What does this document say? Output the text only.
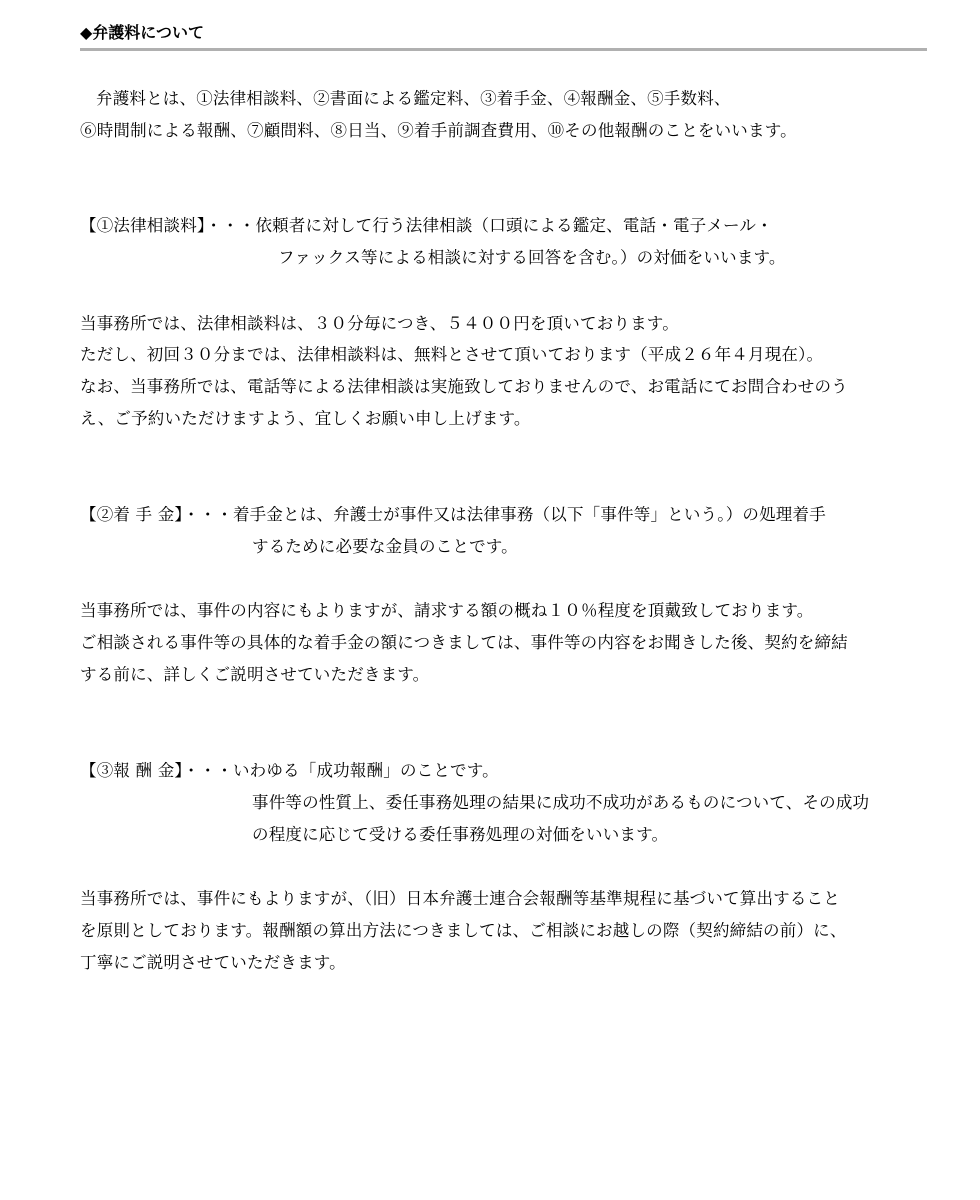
◆弁護料について
弁護料とは、①法律相談料、②書面による鑑定料、③着手金、④報酬金、⑤手数料、
⑥時間制による報酬、⑦顧問料、⑧日当、⑨着手前調査費用、⑩その他報酬のことをいいます。
【①法律相談料】・・・依頼者に対して行う法律相談（口頭による鑑定、電話・電子メール・
ファックス等による相談に対する回答を含む。）の対価をいいます。
当事務所では、法律相談料は、３０分毎につき、５４００円を頂いております。
ただし、初回３０分までは、法律相談料は、無料とさせて頂いております（平成２６年４月現在）。
なお、当事務所では、電話等による法律相談は実施致しておりませんので、お電話にてお問合わせのう
え、ご予約いただけますよう、宜しくお願い申し上げます。
【②着 手 金】・・・着手金とは、弁護士が事件又は法律事務（以下「事件等」という。）の処理着手
するために必要な金員のことです。
当事務所では、事件の内容にもよりますが、請求する額の概ね１０％程度を頂戴致しております。
ご相談される事件等の具体的な着手金の額につきましては、事件等の内容をお聞きした後、契約を締結
する前に、詳しくご説明させていただきます。
【③報 酬 金】・・・いわゆる「成功報酬」のことです。
事件等の性質上、委任事務処理の結果に成功不成功があるものについて、その成功
の程度に応じて受ける委任事務処理の対価をいいます。
当事務所では、事件にもよりますが、（旧）日本弁護士連合会報酬等基準規程に基づいて算出すること
を原則としております。報酬額の算出方法につきましては、ご相談にお越しの際（契約締結の前）に、
丁寧にご説明させていただきます。
